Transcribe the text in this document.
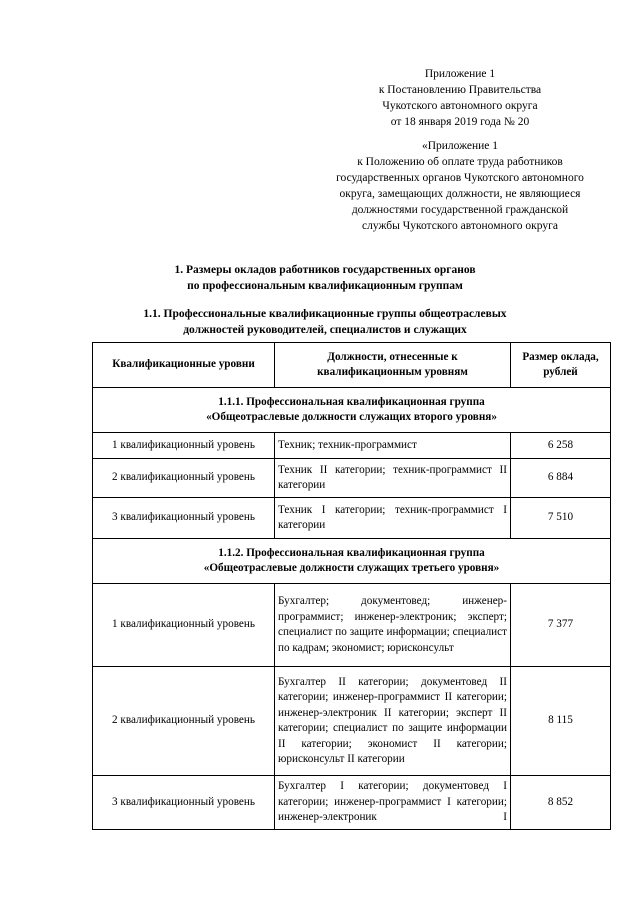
Приложение 1
к Постановлению Правительства
Чукотского автономного округа
от 18 января 2019 года № 20
«Приложение 1
к Положению об оплате труда работников
государственных органов Чукотского автономного
округа, замещающих должности, не являющиеся
должностями государственной гражданской
службы Чукотского автономного округа
1. Размеры окладов работников государственных органов
по профессиональным квалификационным группам
1.1. Профессиональные квалификационные группы общеотраслевых
должностей руководителей, специалистов и служащих
Квалификационные уровни	Должности, отнесенные к квалификационным уровням	Размер оклада, рублей

1.1.1. Профессиональная квалификационная группа
«Общеотраслевые должности служащих второго уровня»		

1 квалификационный уровень	Техник; техник-программист	6 258
2 квалификационный уровень	Техник II категории; техник-программист II категории	6 884
3 квалификационный уровень	Техник I категории; техник-программист I категории	7 510

1.1.2. Профессиональная квалификационная группа
«Общеотраслевые должности служащих третьего уровня»		

1 квалификационный уровень	Бухгалтер; документовед; инженер-программист; инженер-электроник; эксперт; специалист по защите информации; специалист по кадрам; экономист; юрисконсульт	7 377
2 квалификационный уровень	Бухгалтер II категории; документовед II категории; инженер-программист II категории; инженер-электроник II категории; эксперт II категории; специалист по защите информации II категории; экономист II категории; юрисконсульт II категории	8 115
3 квалификационный уровень	Бухгалтер I категории; документовед I категории; инженер-программист I категории; инженер-электроник I	8 852
